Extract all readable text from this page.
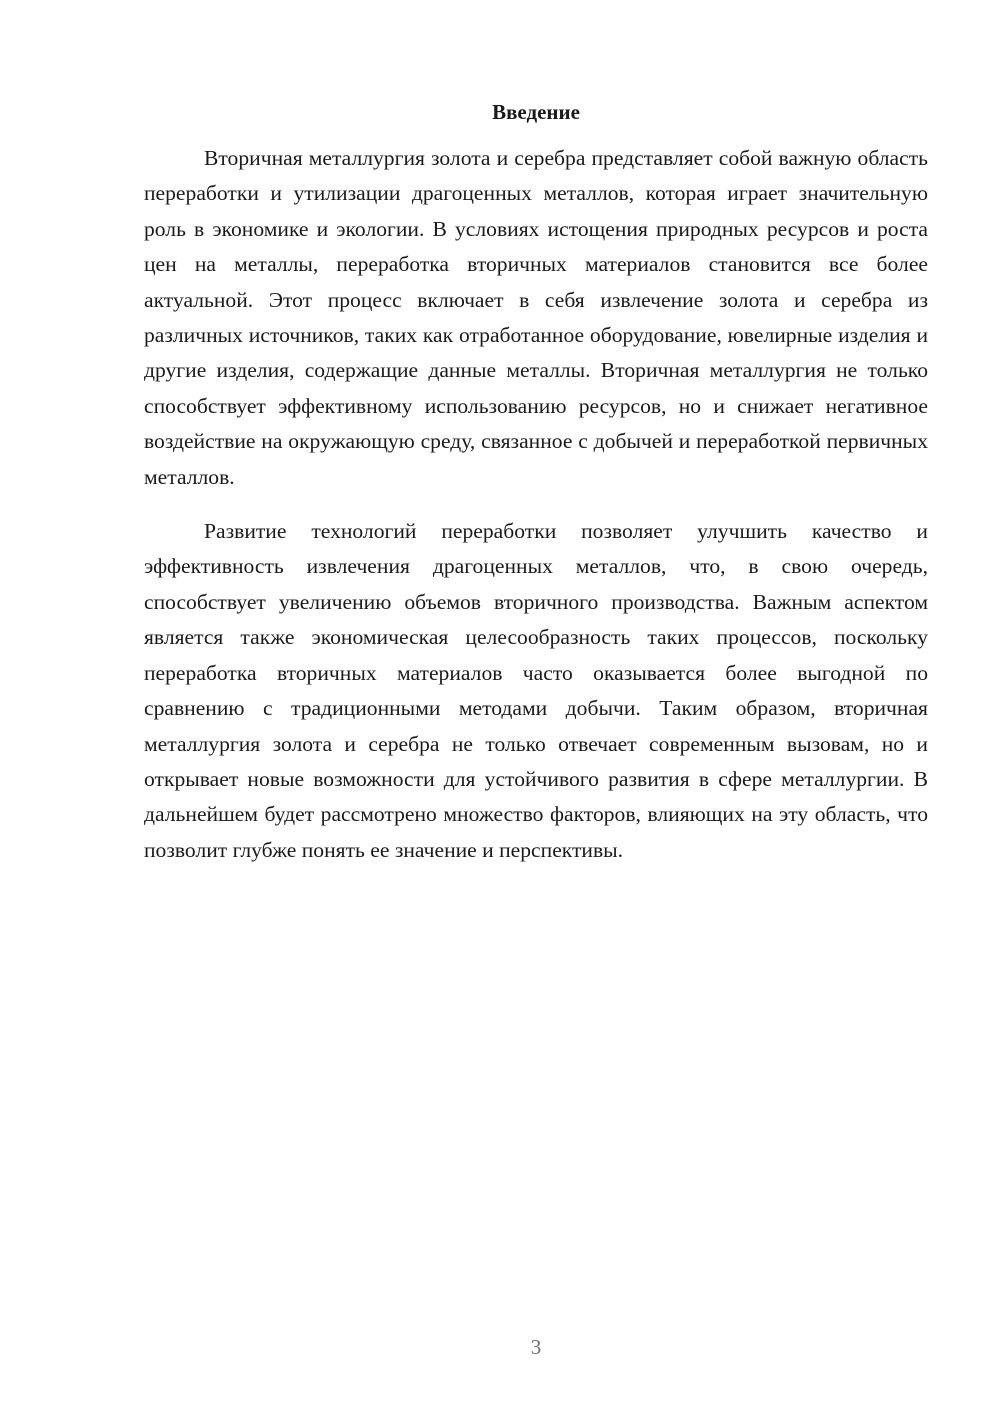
Введение

Вторичная металлургия золота и серебра представляет собой важную область переработки и утилизации драгоценных металлов, которая играет значительную роль в экономике и экологии. В условиях истощения природных ресурсов и роста цен на металлы, переработка вторичных материалов становится все более актуальной. Этот процесс включает в себя извлечение золота и серебра из различных источников, таких как отработанное оборудование, ювелирные изделия и другие изделия, содержащие данные металлы. Вторичная металлургия не только способствует эффективному использованию ресурсов, но и снижает негативное воздействие на окружающую среду, связанное с добычей и переработкой первичных металлов.

Развитие технологий переработки позволяет улучшить качество и эффективность извлечения драгоценных металлов, что, в свою очередь, способствует увеличению объемов вторичного производства. Важным аспектом является также экономическая целесообразность таких процессов, поскольку переработка вторичных материалов часто оказывается более выгодной по сравнению с традиционными методами добычи. Таким образом, вторичная металлургия золота и серебра не только отвечает современным вызовам, но и открывает новые возможности для устойчивого развития в сфере металлургии. В дальнейшем будет рассмотрено множество факторов, влияющих на эту область, что позволит глубже понять ее значение и перспективы.

3
